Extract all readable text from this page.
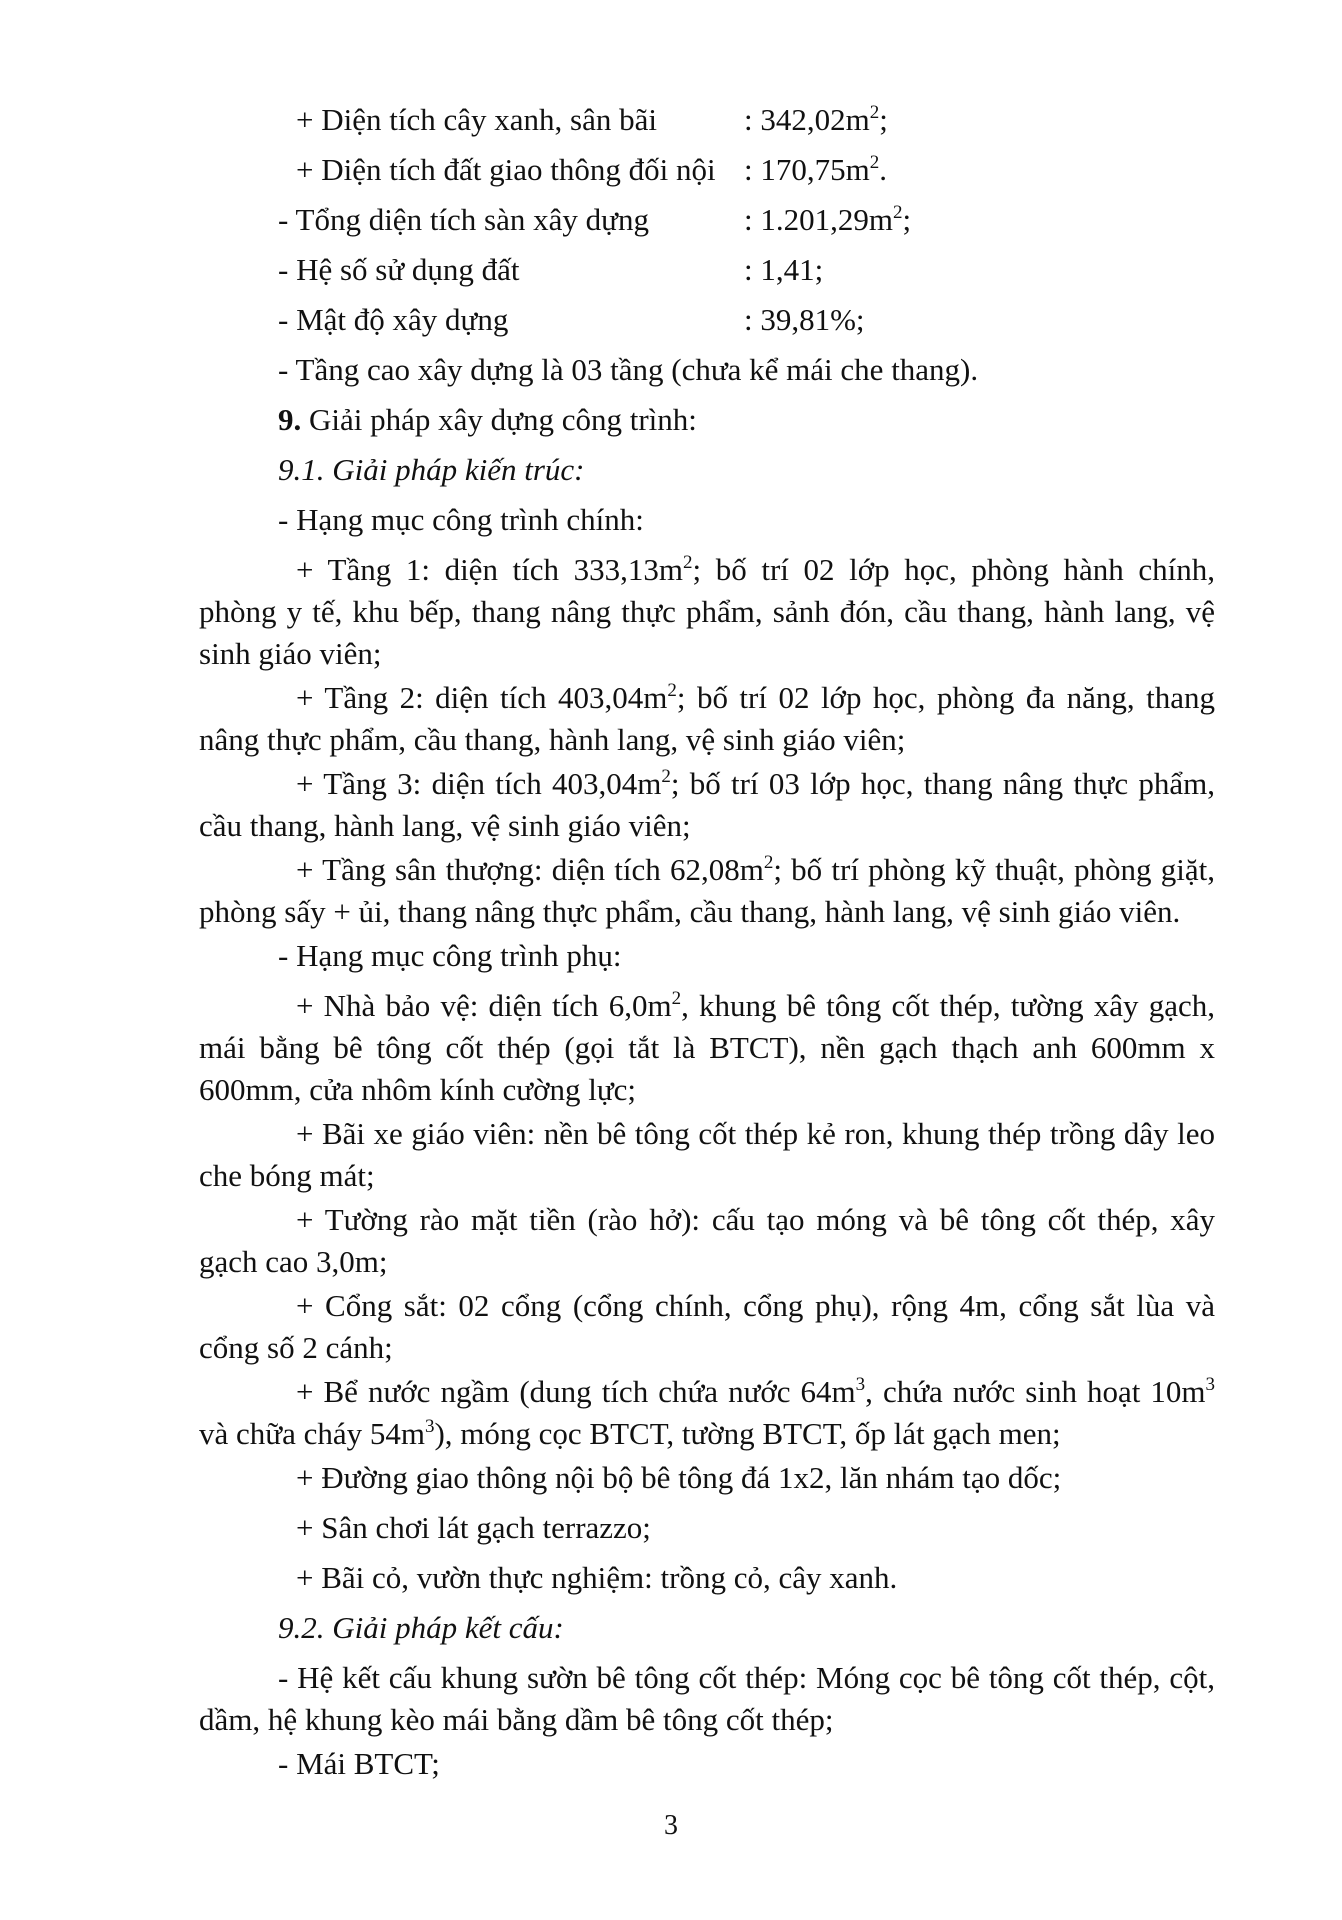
+ Diện tích cây xanh, sân bãi	: $342,02m^2$;
+ Diện tích đất giao thông đối nội : $170,75m^2$.
- Tổng diện tích sàn xây dựng	: $1.201,29m^2$;
- Hệ số sử dụng đất	: 1,41;
- Mật độ xây dựng	: 39,81%;
- Tầng cao xây dựng là 03 tầng (chưa kể mái che thang).
9. Giải pháp xây dựng công trình:
9.1. Giải pháp kiến trúc:
- Hạng mục công trình chính:
+ Tầng 1: diện tích $333,13m^2$; bố trí 02 lớp học, phòng hành chính,
phòng y tế, khu bếp, thang nâng thực phẩm, sảnh đón, cầu thang, hành lang, vệ
sinh giáo viên;
+ Tầng 2: diện tích $403,04m^2$; bố trí 02 lớp học, phòng đa năng, thang
nâng thực phẩm, cầu thang, hành lang, vệ sinh giáo viên;
+ Tầng 3: diện tích $403,04m^2$; bố trí 03 lớp học, thang nâng thực phẩm,
cầu thang, hành lang, vệ sinh giáo viên;
+ Tầng sân thượng: diện tích $62,08m^2$; bố trí phòng kỹ thuật, phòng giặt,
phòng sấy + ủi, thang nâng thực phẩm, cầu thang, hành lang, vệ sinh giáo viên.
- Hạng mục công trình phụ:
+ Nhà bảo vệ: diện tích $6,0m^2$, khung bê tông cốt thép, tường xây gạch,
mái bằng bê tông cốt thép (gọi tắt là BTCT), nền gạch thạch anh 600mm x
600mm, cửa nhôm kính cường lực;
+ Bãi xe giáo viên: nền bê tông cốt thép kẻ ron, khung thép trồng dây leo
che bóng mát;
+ Tường rào mặt tiền (rào hở): cấu tạo móng và bê tông cốt thép, xây
gạch cao 3,0m;
+ Cổng sắt: 02 cổng (cổng chính, cổng phụ), rộng 4m, cổng sắt lùa và
cổng số 2 cánh;
+ Bể nước ngầm (dung tích chứa nước $64m^3$, chứa nước sinh hoạt $10m^3$
và chữa cháy $54m^3$), móng cọc BTCT, tường BTCT, ốp lát gạch men;
+ Đường giao thông nội bộ bê tông đá 1x2, lăn nhám tạo dốc;
+ Sân chơi lát gạch terrazzo;
+ Bãi cỏ, vườn thực nghiệm: trồng cỏ, cây xanh.
9.2. Giải pháp kết cấu:
- Hệ kết cấu khung sườn bê tông cốt thép: Móng cọc bê tông cốt thép, cột,
dầm, hệ khung kèo mái bằng dầm bê tông cốt thép;
- Mái BTCT;
3
